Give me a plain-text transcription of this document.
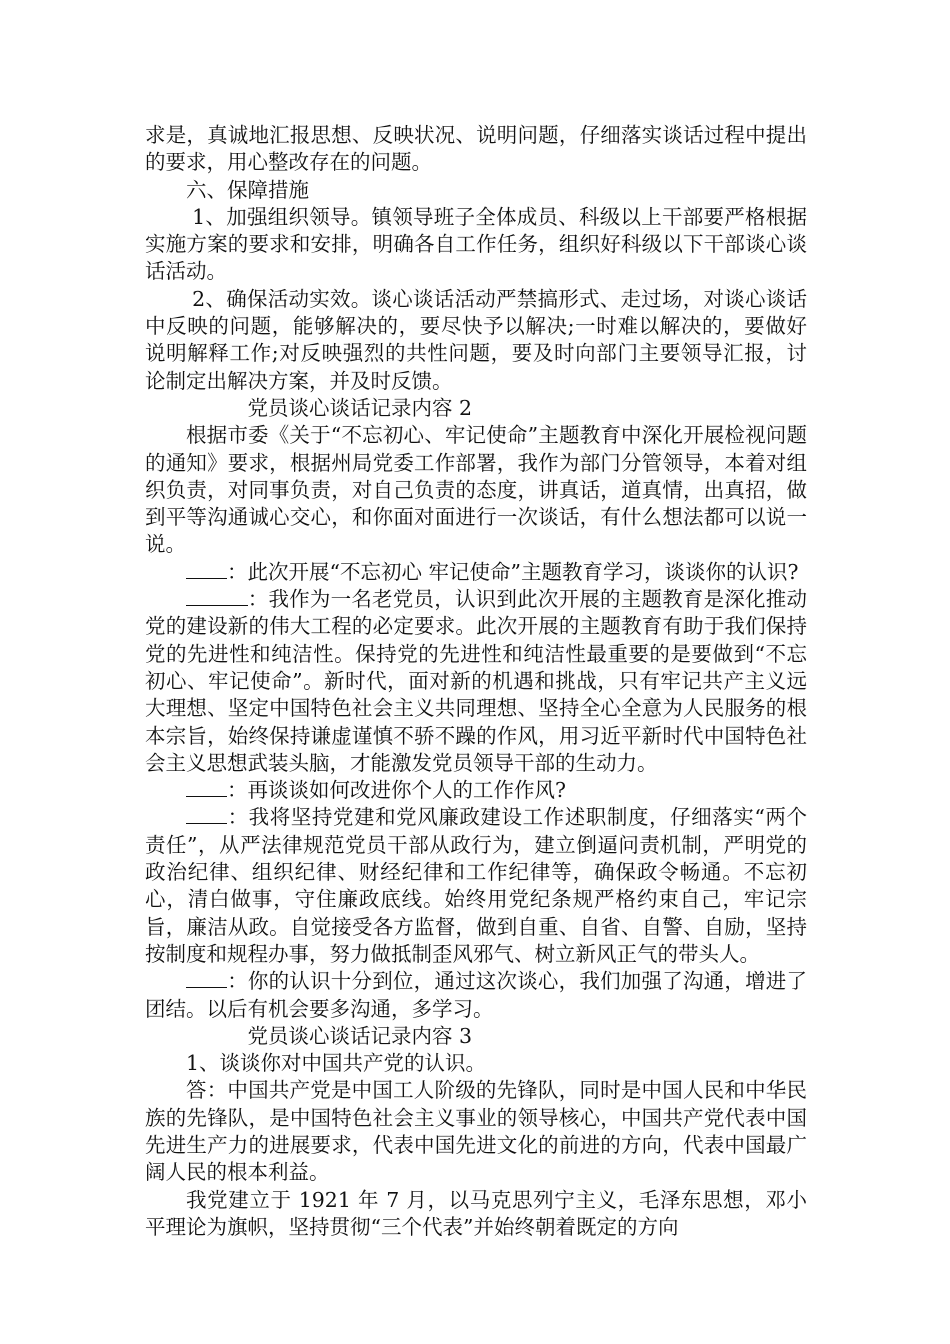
求是，真诚地汇报思想、反映状况、说明问题，仔细落实谈话过程中提出的要求，用心整改存在的问题。

六、保障措施

1、加强组织领导。镇领导班子全体成员、科级以上干部要严格根据实施方案的要求和安排，明确各自工作任务，组织好科级以下干部谈心谈话活动。

2、确保活动实效。谈心谈话活动严禁搞形式、走过场，对谈心谈话中反映的问题，能够解决的，要尽快予以解决;一时难以解决的，要做好说明解释工作;对反映强烈的共性问题，要及时向部门主要领导汇报，讨论制定出解决方案，并及时反馈。

党员谈心谈话记录内容 2

根据市委《关于“不忘初心、牢记使命”主题教育中深化开展检视问题的通知》要求，根据州局党委工作部署，我作为部门分管领导，本着对组织负责，对同事负责，对自己负责的态度，讲真话，道真情，出真招，做到平等沟通诚心交心，和你面对面进行一次谈话，有什么想法都可以说一说。

：此次开展“不忘初心 牢记使命”主题教育学习，谈谈你的认识?

：我作为一名老党员，认识到此次开展的主题教育是深化推动党的建设新的伟大工程的必定要求。此次开展的主题教育有助于我们保持党的先进性和纯洁性。保持党的先进性和纯洁性最重要的是要做到“不忘初心、牢记使命”。新时代，面对新的机遇和挑战，只有牢记共产主义远大理想、坚定中国特色社会主义共同理想、坚持全心全意为人民服务的根本宗旨，始终保持谦虚谨慎不骄不躁的作风，用习近平新时代中国特色社会主义思想武装头脑，才能激发党员领导干部的生动力。

：再谈谈如何改进你个人的工作作风?

：我将坚持党建和党风廉政建设工作述职制度，仔细落实“两个责任”，从严法律规范党员干部从政行为，建立倒逼问责机制，严明党的政治纪律、组织纪律、财经纪律和工作纪律等，确保政令畅通。不忘初心，清白做事，守住廉政底线。始终用党纪条规严格约束自己，牢记宗旨，廉洁从政。自觉接受各方监督，做到自重、自省、自警、自励，坚持按制度和规程办事，努力做抵制歪风邪气、树立新风正气的带头人。

：你的认识十分到位，通过这次谈心，我们加强了沟通，增进了团结。以后有机会要多沟通，多学习。

党员谈心谈话记录内容 3

1、谈谈你对中国共产党的认识。

答：中国共产党是中国工人阶级的先锋队，同时是中国人民和中华民族的先锋队，是中国特色社会主义事业的领导核心，中国共产党代表中国先进生产力的进展要求，代表中国先进文化的前进的方向，代表中国最广阔人民的根本利益。

我党建立于 1921 年 7 月，以马克思列宁主义，毛泽东思想，邓小平理论为旗帜，坚持贯彻“三个代表”并始终朝着既定的方向
